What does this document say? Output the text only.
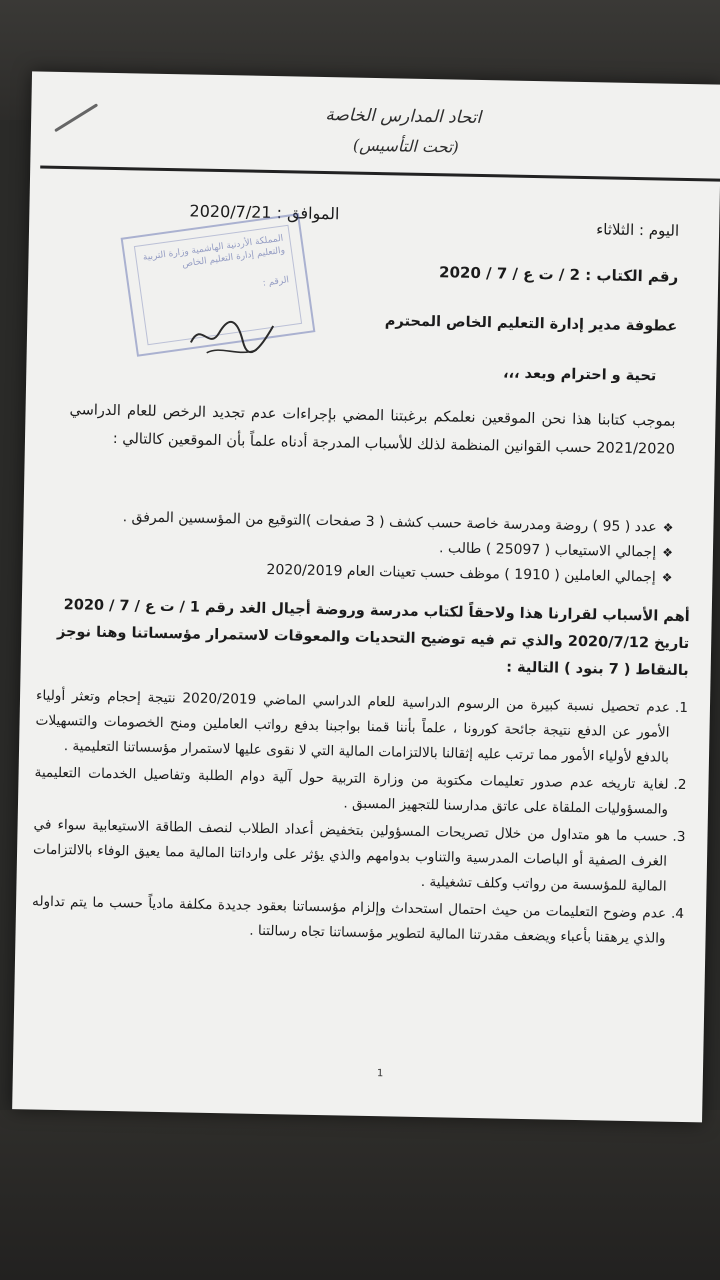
اتحاد المدارس الخاصة
(تحت التأسيس)
اليوم : الثلاثاء
الموافق : 2020/7/21
رقم الكتاب : 2 / ت ع / 7 / 2020
عطوفة مدير إدارة التعليم الخاص المحترم
تحية و احترام وبعد ،،،
المملكة الأردنية الهاشمية وزارة التربية والتعليم إدارة التعليم الخاص
الرقم :
بموجب كتابنا هذا نحن الموقعين نعلمكم برغبتنا المضي بإجراءات عدم تجديد الرخص للعام الدراسي 2021/2020 حسب القوانين المنظمة لذلك للأسباب المدرجة أدناه علماً بأن الموقعين كالتالي :
❖عدد ( 95 ) روضة ومدرسة خاصة حسب كشف ( 3 صفحات )التوقيع من المؤسسين المرفق .
❖إجمالي الاستيعاب ( 25097 ) طالب .
❖إجمالي العاملين ( 1910 ) موظف حسب تعينات العام 2020/2019
أهم الأسباب لقرارنا هذا ولاحقاً لكتاب مدرسة وروضة أجيال الغد رقم 1 / ت ع / 7 / 2020 تاريخ 2020/7/12 والذي تم فيه توضيح التحديات والمعوقات لاستمرار مؤسساتنا وهنا نوجز بالنقاط ( 7 بنود ) التالية :
1.
عدم تحصيل نسبة كبيرة من الرسوم الدراسية للعام الدراسي الماضي 2020/2019 نتيجة إحجام وتعثر أولياء الأمور عن الدفع نتيجة جائحة كورونا ، علماً بأننا قمنا بواجبنا بدفع رواتب العاملين ومنح الخصومات والتسهيلات بالدفع لأولياء الأمور مما ترتب عليه إثقالنا بالالتزامات المالية التي لا نقوى عليها لاستمرار مؤسساتنا التعليمية .
2.
لغاية تاريخه عدم صدور تعليمات مكتوبة من وزارة التربية حول آلية دوام الطلبة وتفاصيل الخدمات التعليمية والمسؤوليات الملقاة على عاتق مدارسنا للتجهيز المسبق .
3.
حسب ما هو متداول من خلال تصريحات المسؤولين بتخفيض أعداد الطلاب لنصف الطاقة الاستيعابية سواء في الغرف الصفية أو الباصات المدرسية والتناوب بدوامهم والذي يؤثر على وارداتنا المالية مما يعيق الوفاء بالالتزامات المالية للمؤسسة من رواتب وكلف تشغيلية .
4.
عدم وضوح التعليمات من حيث احتمال استحداث وإلزام مؤسساتنا بعقود جديدة مكلفة مادياً حسب ما يتم تداوله والذي يرهقنا بأعباء ويضعف مقدرتنا المالية لتطوير مؤسساتنا تجاه رسالتنا .
1
